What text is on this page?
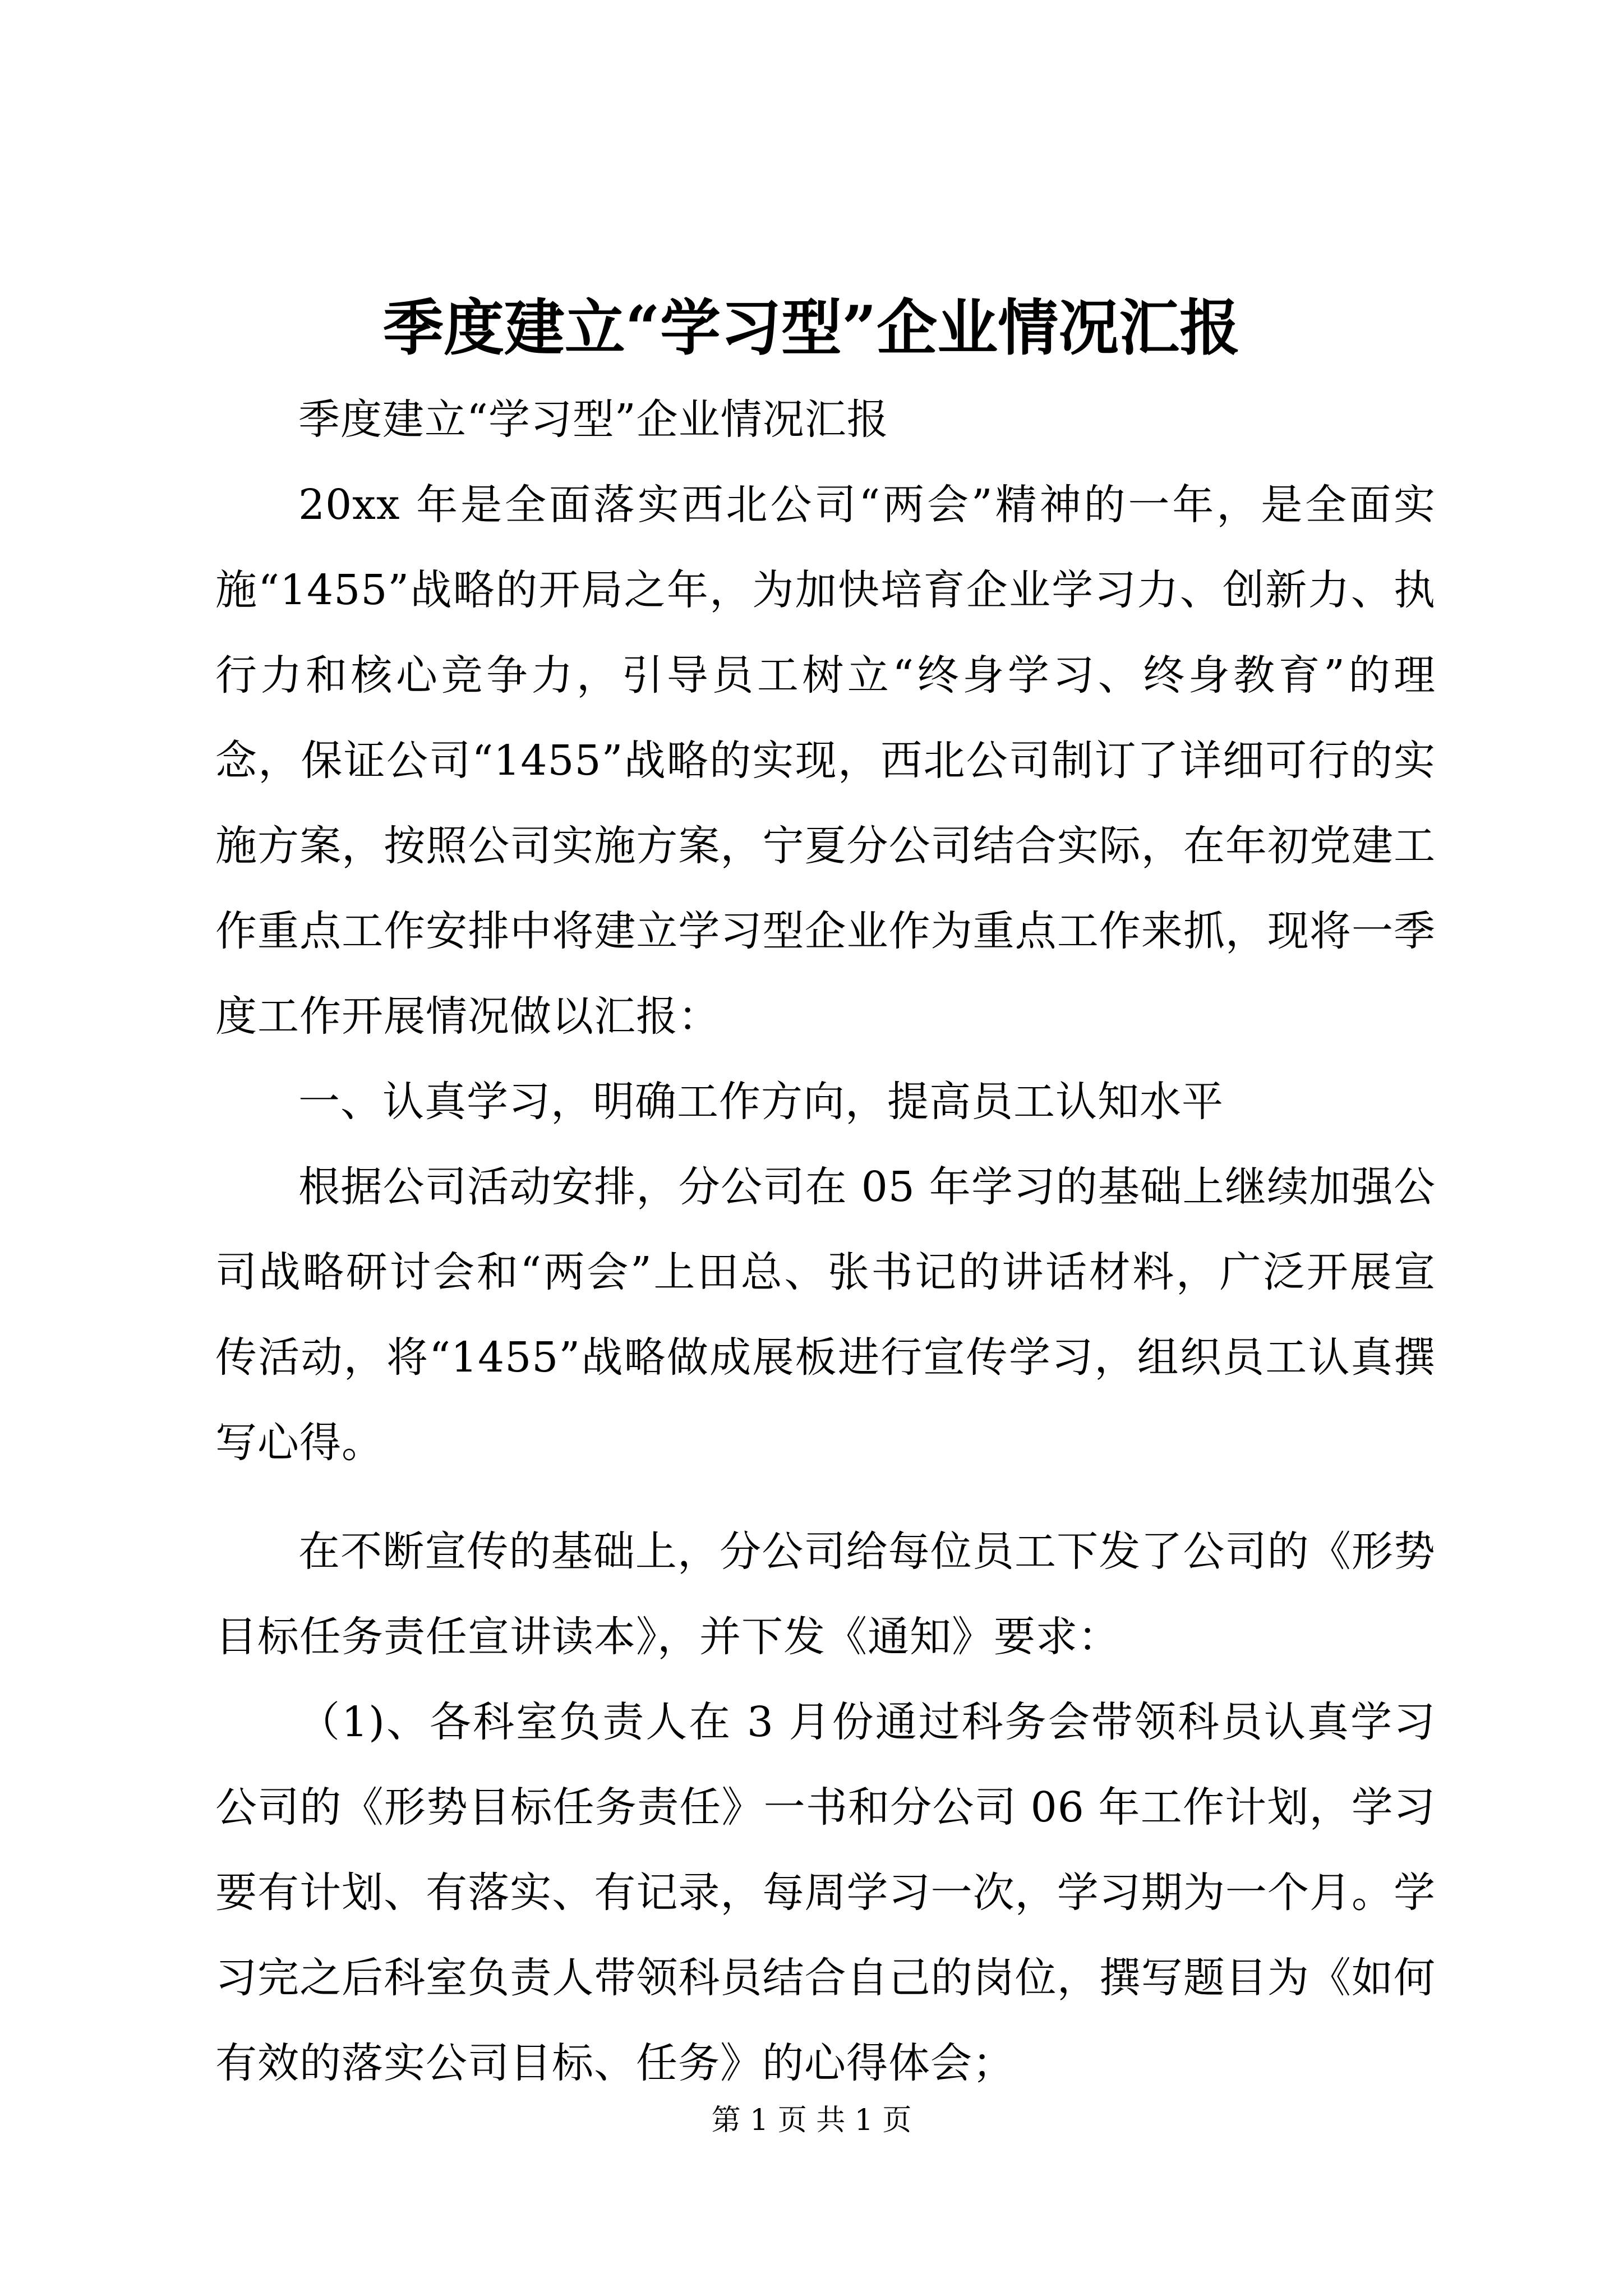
季度建立“学习型”企业情况汇报

季度建立“学习型”企业情况汇报

20xx 年是全面落实西北公司“两会”精神的一年，是全面实施“1455”战略的开局之年，为加快培育企业学习力、创新力、执行力和核心竞争力，引导员工树立“终身学习、终身教育”的理念，保证公司“1455”战略的实现，西北公司制订了详细可行的实施方案，按照公司实施方案，宁夏分公司结合实际，在年初党建工作重点工作安排中将建立学习型企业作为重点工作来抓，现将一季度工作开展情况做以汇报：

一、认真学习，明确工作方向，提高员工认知水平

根据公司活动安排，分公司在 05 年学习的基础上继续加强公司战略研讨会和“两会”上田总、张书记的讲话材料，广泛开展宣传活动，将“1455”战略做成展板进行宣传学习，组织员工认真撰写心得。

在不断宣传的基础上，分公司给每位员工下发了公司的《形势目标任务责任宣讲读本》，并下发《通知》要求：

（1)、各科室负责人在 3 月份通过科务会带领科员认真学习公司的《形势目标任务责任》一书和分公司 06 年工作计划，学习要有计划、有落实、有记录，每周学习一次，学习期为一个月。学习完之后科室负责人带领科员结合自己的岗位，撰写题目为《如何有效的落实公司目标、任务》的心得体会；

第 1 页 共 1 页
